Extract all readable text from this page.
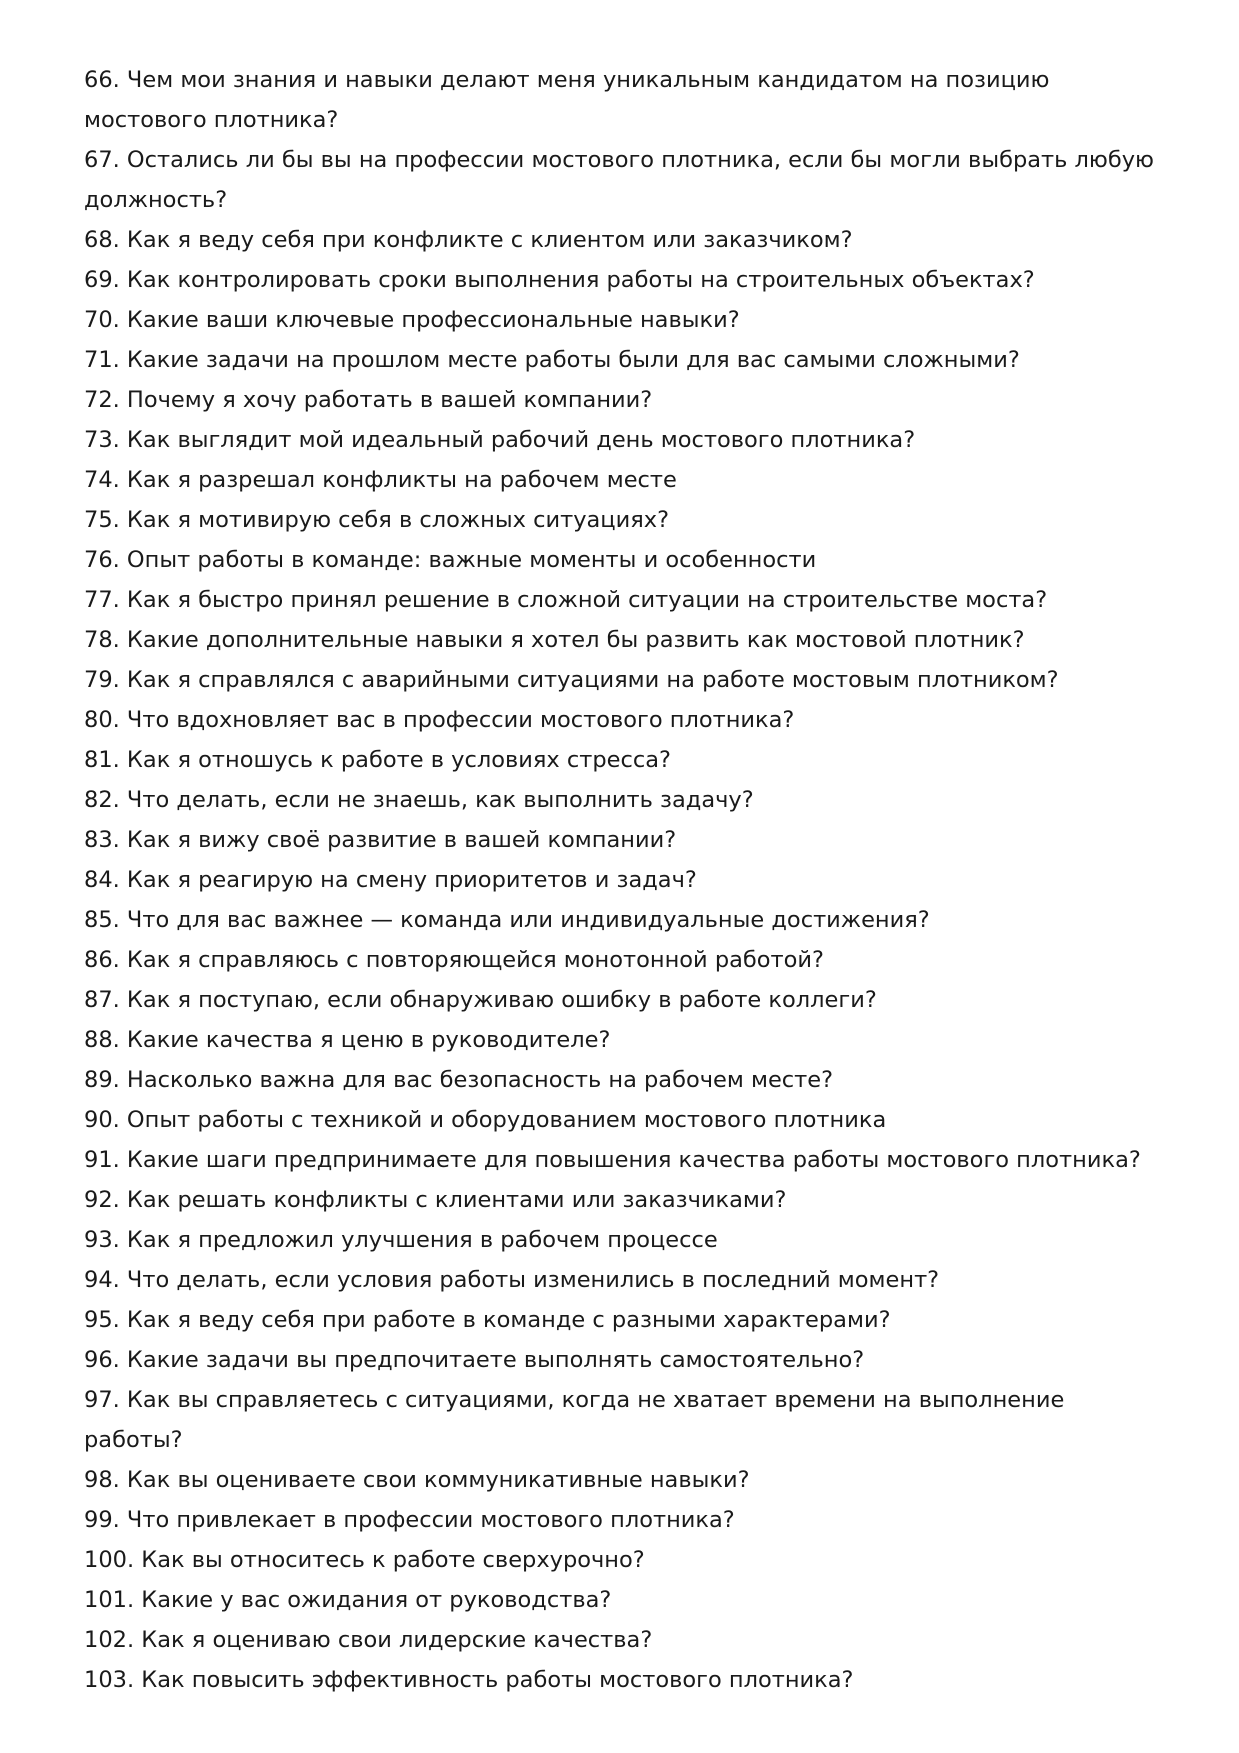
66. Чем мои знания и навыки делают меня уникальным кандидатом на позицию мостового плотника?
67. Остались ли бы вы на профессии мостового плотника, если бы могли выбрать любую должность?
68. Как я веду себя при конфликте с клиентом или заказчиком?
69. Как контролировать сроки выполнения работы на строительных объектах?
70. Какие ваши ключевые профессиональные навыки?
71. Какие задачи на прошлом месте работы были для вас самыми сложными?
72. Почему я хочу работать в вашей компании?
73. Как выглядит мой идеальный рабочий день мостового плотника?
74. Как я разрешал конфликты на рабочем месте
75. Как я мотивирую себя в сложных ситуациях?
76. Опыт работы в команде: важные моменты и особенности
77. Как я быстро принял решение в сложной ситуации на строительстве моста?
78. Какие дополнительные навыки я хотел бы развить как мостовой плотник?
79. Как я справлялся с аварийными ситуациями на работе мостовым плотником?
80. Что вдохновляет вас в профессии мостового плотника?
81. Как я отношусь к работе в условиях стресса?
82. Что делать, если не знаешь, как выполнить задачу?
83. Как я вижу своё развитие в вашей компании?
84. Как я реагирую на смену приоритетов и задач?
85. Что для вас важнее — команда или индивидуальные достижения?
86. Как я справляюсь с повторяющейся монотонной работой?
87. Как я поступаю, если обнаруживаю ошибку в работе коллеги?
88. Какие качества я ценю в руководителе?
89. Насколько важна для вас безопасность на рабочем месте?
90. Опыт работы с техникой и оборудованием мостового плотника
91. Какие шаги предпринимаете для повышения качества работы мостового плотника?
92. Как решать конфликты с клиентами или заказчиками?
93. Как я предложил улучшения в рабочем процессе
94. Что делать, если условия работы изменились в последний момент?
95. Как я веду себя при работе в команде с разными характерами?
96. Какие задачи вы предпочитаете выполнять самостоятельно?
97. Как вы справляетесь с ситуациями, когда не хватает времени на выполнение работы?
98. Как вы оцениваете свои коммуникативные навыки?
99. Что привлекает в профессии мостового плотника?
100. Как вы относитесь к работе сверхурочно?
101. Какие у вас ожидания от руководства?
102. Как я оцениваю свои лидерские качества?
103. Как повысить эффективность работы мостового плотника?
